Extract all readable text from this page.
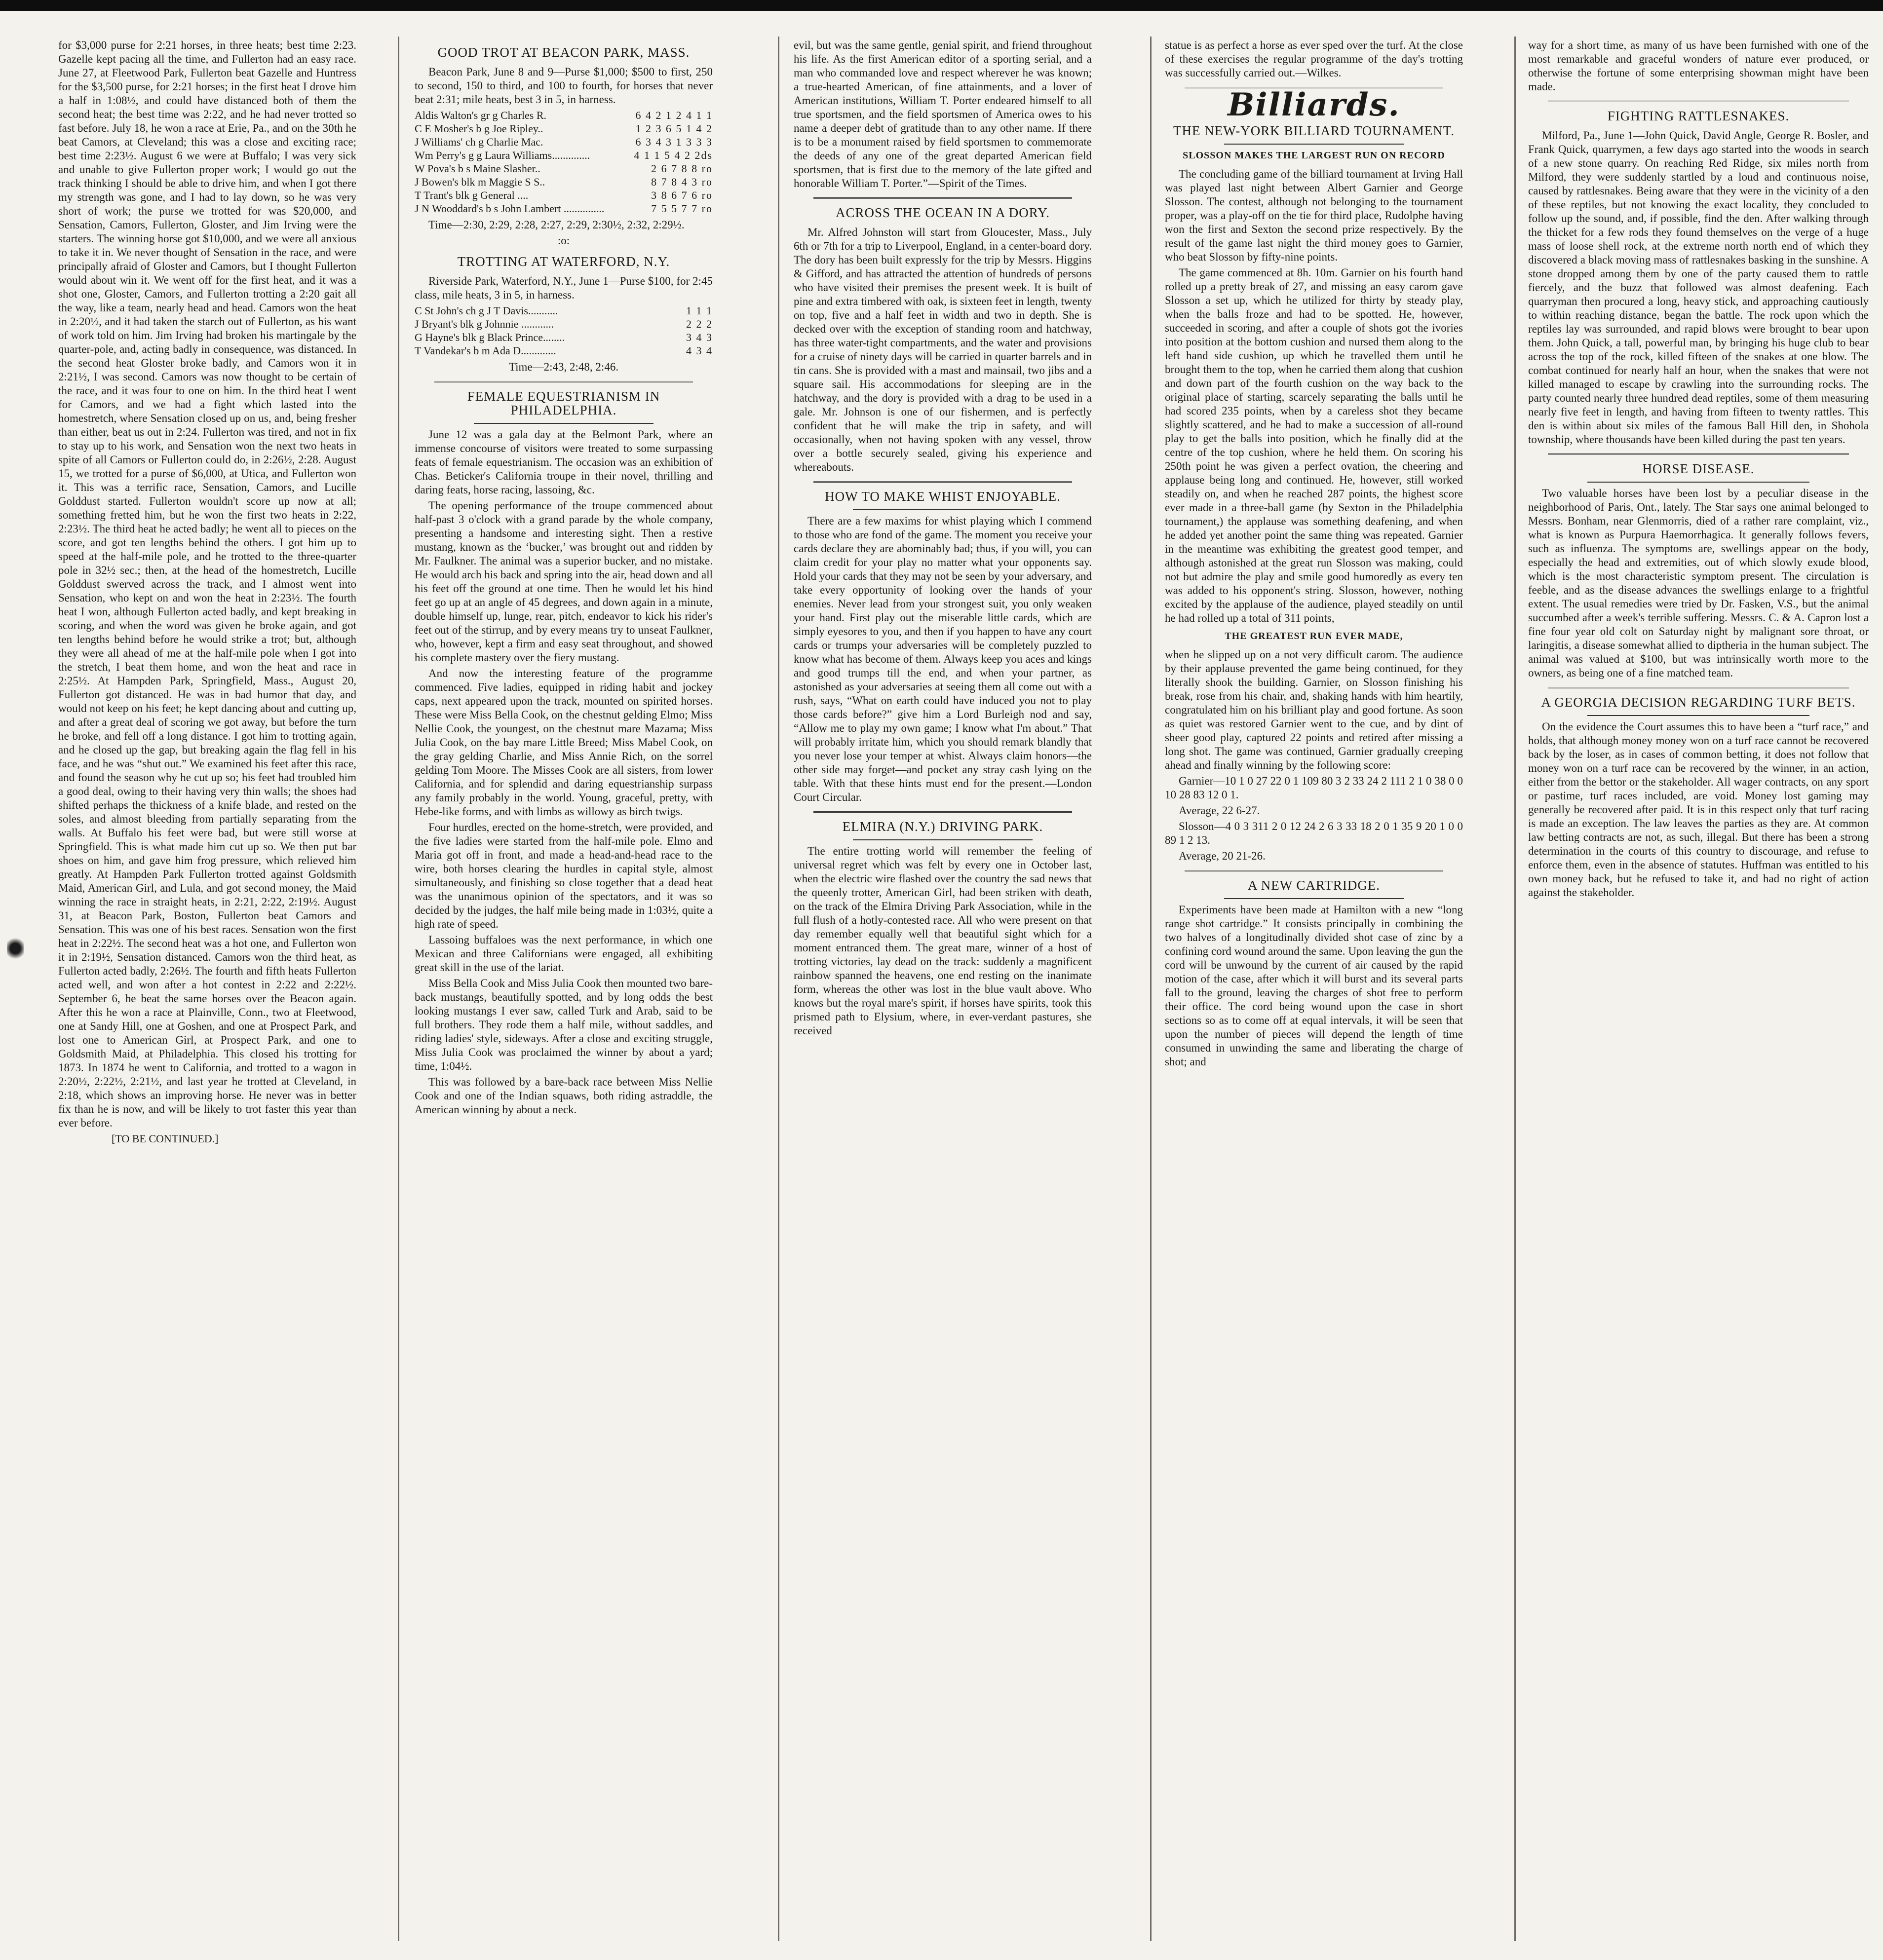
for $3,000 purse for 2:21 horses, in three heats; best time 2:23. Gazelle kept pacing all the time, and Fullerton had an easy race. June 27, at Fleetwood Park, Fullerton beat Gazelle and Huntress for the $3,500 purse, for 2:21 horses; in the first heat I drove him a half in 1:08½, and could have distanced both of them the second heat; the best time was 2:22, and he had never trotted so fast before. July 18, he won a race at Erie, Pa., and on the 30th he beat Camors, at Cleveland; this was a close and exciting race; best time 2:23½. August 6 we were at Buffalo; I was very sick and unable to give Fullerton proper work; I would go out the track thinking I should be able to drive him, and when I got there my strength was gone, and I had to lay down, so he was very short of work; the purse we trotted for was $20,000, and Sensation, Camors, Fullerton, Gloster, and Jim Irving were the starters. The winning horse got $10,000, and we were all anxious to take it in. We never thought of Sensation in the race, and were principally afraid of Gloster and Camors, but I thought Fullerton would about win it. We went off for the first heat, and it was a shot one, Gloster, Camors, and Fullerton trotting a 2:20 gait all the way, like a team, nearly head and head. Camors won the heat in 2:20½, and it had taken the starch out of Fullerton, as his want of work told on him. Jim Irving had broken his martingale by the quarter-pole, and, acting badly in consequence, was distanced. In the second heat Gloster broke badly, and Camors won it in 2:21½, I was second. Camors was now thought to be certain of the race, and it was four to one on him. In the third heat I went for Camors, and we had a fight which lasted into the homestretch, where Sensation closed up on us, and, being fresher than either, beat us out in 2:24. Fullerton was tired, and not in fix to stay up to his work, and Sensation won the next two heats in spite of all Camors or Fullerton could do, in 2:26½, 2:28. August 15, we trotted for a purse of $6,000, at Utica, and Fullerton won it. This was a terrific race, Sensation, Camors, and Lucille Golddust started. Fullerton wouldn't score up now at all; something fretted him, but he won the first two heats in 2:22, 2:23½. The third heat he acted badly; he went all to pieces on the score, and got ten lengths behind the others. I got him up to speed at the half-mile pole, and he trotted to the three-quarter pole in 32½ sec.; then, at the head of the homestretch, Lucille Golddust swerved across the track, and I almost went into Sensation, who kept on and won the heat in 2:23½. The fourth heat I won, although Fullerton acted badly, and kept breaking in scoring, and when the word was given he broke again, and got ten lengths behind before he would strike a trot; but, although they were all ahead of me at the half-mile pole when I got into the stretch, I beat them home, and won the heat and race in 2:25½. At Hampden Park, Springfield, Mass., August 20, Fullerton got distanced. He was in bad humor that day, and would not keep on his feet; he kept dancing about and cutting up, and after a great deal of scoring we got away, but before the turn he broke, and fell off a long distance. I got him to trotting again, and he closed up the gap, but breaking again the flag fell in his face, and he was “shut out.” We examined his feet after this race, and found the season why he cut up so; his feet had troubled him a good deal, owing to their having very thin walls; the shoes had shifted perhaps the thickness of a knife blade, and rested on the soles, and almost bleeding from partially separating from the walls. At Buffalo his feet were bad, but were still worse at Springfield. This is what made him cut up so. We then put bar shoes on him, and gave him frog pressure, which relieved him greatly. At Hampden Park Fullerton trotted against Goldsmith Maid, American Girl, and Lula, and got second money, the Maid winning the race in straight heats, in 2:21, 2:22, 2:19½. August 31, at Beacon Park, Boston, Fullerton beat Camors and Sensation. This was one of his best races. Sensation won the first heat in 2:22½. The second heat was a hot one, and Fullerton won it in 2:19½, Sensation distanced. Camors won the third heat, as Fullerton acted badly, 2:26½. The fourth and fifth heats Fullerton acted well, and won after a hot contest in 2:22 and 2:22½. September 6, he beat the same horses over the Beacon again. After this he won a race at Plainville, Conn., two at Fleetwood, one at Sandy Hill, one at Goshen, and one at Prospect Park, and lost one to American Girl, at Prospect Park, and one to Goldsmith Maid, at Philadelphia. This closed his trotting for 1873. In 1874 he went to California, and trotted to a wagon in 2:20½, 2:22½, 2:21½, and last year he trotted at Cleveland, in 2:18, which shows an improving horse. He never was in better fix than he is now, and will be likely to trot faster this year than ever before.

[TO BE CONTINUED.]

GOOD TROT AT BEACON PARK, MASS.

Beacon Park, June 8 and 9—Purse $1,000; $500 to first, 250 to second, 150 to third, and 100 to fourth, for horses that never beat 2:31; mile heats, best 3 in 5, in harness.

Aldis Walton's gr g Charles R.	6 4 2 1 2 4 1 1
C E Mosher's b g Joe Ripley..	1 2 3 6 5 1 4 2
J Williams' ch g Charlie Mac.	6 3 4 3 1 3 3 3
Wm Perry's g g Laura Williams..............	4 1 1 5 4 2 2ds
W Pova's b s Maine Slasher..	2 6 7 8 8 ro
J Bowen's blk m Maggie S S..	8 7 8 4 3 ro
T Trant's blk g General ....	3 8 6 7 6 ro
J N Wooddard's b s John Lambert ...............	7 5 5 7 7 ro

Time—2:30, 2:29, 2:28, 2:27, 2:29, 2:30½, 2:32, 2:29½.

:o:

TROTTING AT WATERFORD, N.Y.

Riverside Park, Waterford, N.Y., June 1—Purse $100, for 2:45 class, mile heats, 3 in 5, in harness.

C St John's ch g J T Davis...........	1 1 1
J Bryant's blk g Johnnie ............	2 2 2
G Hayne's blk g Black Prince........	3 4 3
T Vandekar's b m Ada D.............	4 3 4

Time—2:43, 2:48, 2:46.

FEMALE EQUESTRIANISM IN PHILADELPHIA.

June 12 was a gala day at the Belmont Park, where an immense concourse of visitors were treated to some surpassing feats of female equestrianism. The occasion was an exhibition of Chas. Beticker's California troupe in their novel, thrilling and daring feats, horse racing, lassoing, &c.

The opening performance of the troupe commenced about half-past 3 o'clock with a grand parade by the whole company, presenting a handsome and interesting sight. Then a restive mustang, known as the ‘bucker,’ was brought out and ridden by Mr. Faulkner. The animal was a superior bucker, and no mistake. He would arch his back and spring into the air, head down and all his feet off the ground at one time. Then he would let his hind feet go up at an angle of 45 degrees, and down again in a minute, double himself up, lunge, rear, pitch, endeavor to kick his rider's feet out of the stirrup, and by every means try to unseat Faulkner, who, however, kept a firm and easy seat throughout, and showed his complete mastery over the fiery mustang.

And now the interesting feature of the programme commenced. Five ladies, equipped in riding habit and jockey caps, next appeared upon the track, mounted on spirited horses. These were Miss Bella Cook, on the chestnut gelding Elmo; Miss Nellie Cook, the youngest, on the chestnut mare Mazama; Miss Julia Cook, on the bay mare Little Breed; Miss Mabel Cook, on the gray gelding Charlie, and Miss Annie Rich, on the sorrel gelding Tom Moore. The Misses Cook are all sisters, from lower California, and for splendid and daring equestrianship surpass any family probably in the world. Young, graceful, pretty, with Hebe-like forms, and with limbs as willowy as birch twigs.

Four hurdles, erected on the home-stretch, were provided, and the five ladies were started from the half-mile pole. Elmo and Maria got off in front, and made a head-and-head race to the wire, both horses clearing the hurdles in capital style, almost simultaneously, and finishing so close together that a dead heat was the unanimous opinion of the spectators, and it was so decided by the judges, the half mile being made in 1:03½, quite a high rate of speed.

Lassoing buffaloes was the next performance, in which one Mexican and three Californians were engaged, all exhibiting great skill in the use of the lariat.

Miss Bella Cook and Miss Julia Cook then mounted two bare-back mustangs, beautifully spotted, and by long odds the best looking mustangs I ever saw, called Turk and Arab, said to be full brothers. They rode them a half mile, without saddles, and riding ladies' style, sideways. After a close and exciting struggle, Miss Julia Cook was proclaimed the winner by about a yard; time, 1:04½.

This was followed by a bare-back race between Miss Nellie Cook and one of the Indian squaws, both riding astraddle, the American winning by about a neck.

evil, but was the same gentle, genial spirit, and friend throughout his life. As the first American editor of a sporting serial, and a man who commanded love and respect wherever he was known; a true-hearted American, of fine attainments, and a lover of American institutions, William T. Porter endeared himself to all true sportsmen, and the field sportsmen of America owes to his name a deeper debt of gratitude than to any other name. If there is to be a monument raised by field sportsmen to commemorate the deeds of any one of the great departed American field sportsmen, that is first due to the memory of the late gifted and honorable William T. Porter.”—Spirit of the Times.

ACROSS THE OCEAN IN A DORY.

Mr. Alfred Johnston will start from Gloucester, Mass., July 6th or 7th for a trip to Liverpool, England, in a center-board dory. The dory has been built expressly for the trip by Messrs. Higgins & Gifford, and has attracted the attention of hundreds of persons who have visited their premises the present week. It is built of pine and extra timbered with oak, is sixteen feet in length, twenty on top, five and a half feet in width and two in depth. She is decked over with the exception of standing room and hatchway, has three water-tight compartments, and the water and provisions for a cruise of ninety days will be carried in quarter barrels and in tin cans. She is provided with a mast and mainsail, two jibs and a square sail. His accommodations for sleeping are in the hatchway, and the dory is provided with a drag to be used in a gale. Mr. Johnson is one of our fishermen, and is perfectly confident that he will make the trip in safety, and will occasionally, when not having spoken with any vessel, throw over a bottle securely sealed, giving his experience and whereabouts.

HOW TO MAKE WHIST ENJOYABLE.

There are a few maxims for whist playing which I commend to those who are fond of the game. The moment you receive your cards declare they are abominably bad; thus, if you will, you can claim credit for your play no matter what your opponents say. Hold your cards that they may not be seen by your adversary, and take every opportunity of looking over the hands of your enemies. Never lead from your strongest suit, you only weaken your hand. First play out the miserable little cards, which are simply eyesores to you, and then if you happen to have any court cards or trumps your adversaries will be completely puzzled to know what has become of them. Always keep you aces and kings and good trumps till the end, and when your partner, as astonished as your adversaries at seeing them all come out with a rush, says, “What on earth could have induced you not to play those cards before?” give him a Lord Burleigh nod and say, “Allow me to play my own game; I know what I'm about.” That will probably irritate him, which you should remark blandly that you never lose your temper at whist. Always claim honors—the other side may forget—and pocket any stray cash lying on the table. With that these hints must end for the present.—London Court Circular.

ELMIRA (N.Y.) DRIVING PARK.

The entire trotting world will remember the feeling of universal regret which was felt by every one in October last, when the electric wire flashed over the country the sad news that the queenly trotter, American Girl, had been striken with death, on the track of the Elmira Driving Park Association, while in the full flush of a hotly-contested race. All who were present on that day remember equally well that beautiful sight which for a moment entranced them. The great mare, winner of a host of trotting victories, lay dead on the track: suddenly a magnificent rainbow spanned the heavens, one end resting on the inanimate form, whereas the other was lost in the blue vault above. Who knows but the royal mare's spirit, if horses have spirits, took this prismed path to Elysium, where, in ever-verdant pastures, she received

statue is as perfect a horse as ever sped over the turf. At the close of these exercises the regular programme of the day's trotting was successfully carried out.—Wilkes.

Billiards.
THE NEW-YORK BILLIARD TOURNAMENT.
SLOSSON MAKES THE LARGEST RUN ON RECORD

The concluding game of the billiard tournament at Irving Hall was played last night between Albert Garnier and George Slosson. The contest, although not belonging to the tournament proper, was a play-off on the tie for third place, Rudolphe having won the first and Sexton the second prize respectively. By the result of the game last night the third money goes to Garnier, who beat Slosson by fifty-nine points.

The game commenced at 8h. 10m. Garnier on his fourth hand rolled up a pretty break of 27, and missing an easy carom gave Slosson a set up, which he utilized for thirty by steady play, when the balls froze and had to be spotted. He, however, succeeded in scoring, and after a couple of shots got the ivories into position at the bottom cushion and nursed them along to the left hand side cushion, up which he travelled them until he brought them to the top, when he carried them along that cushion and down part of the fourth cushion on the way back to the original place of starting, scarcely separating the balls until he had scored 235 points, when by a careless shot they became slightly scattered, and he had to make a succession of all-round play to get the balls into position, which he finally did at the centre of the top cushion, where he held them. On scoring his 250th point he was given a perfect ovation, the cheering and applause being long and continued. He, however, still worked steadily on, and when he reached 287 points, the highest score ever made in a three-ball game (by Sexton in the Philadelphia tournament,) the applause was something deafening, and when he added yet another point the same thing was repeated. Garnier in the meantime was exhibiting the greatest good temper, and although astonished at the great run Slosson was making, could not but admire the play and smile good humoredly as every ten was added to his opponent's string. Slosson, however, nothing excited by the applause of the audience, played steadily on until he had rolled up a total of 311 points,

THE GREATEST RUN EVER MADE,

when he slipped up on a not very difficult carom. The audience by their applause prevented the game being continued, for they literally shook the building. Garnier, on Slosson finishing his break, rose from his chair, and, shaking hands with him heartily, congratulated him on his brilliant play and good fortune. As soon as quiet was restored Garnier went to the cue, and by dint of sheer good play, captured 22 points and retired after missing a long shot. The game was continued, Garnier gradually creeping ahead and finally winning by the following score:

Garnier—10 1 0 27 22 0 1 109 80 3 2 33 24 2 111 2 1 0 38 0 0 10 28 83 12 0 1.

Average, 22 6-27.

Slosson—4 0 3 311 2 0 12 24 2 6 3 33 18 2 0 1 35 9 20 1 0 0 89 1 2 13.

Average, 20 21-26.

A NEW CARTRIDGE.

Experiments have been made at Hamilton with a new “long range shot cartridge.” It consists principally in combining the two halves of a longitudinally divided shot case of zinc by a confining cord wound around the same. Upon leaving the gun the cord will be unwound by the current of air caused by the rapid motion of the case, after which it will burst and its several parts fall to the ground, leaving the charges of shot free to perform their office. The cord being wound upon the case in short sections so as to come off at equal intervals, it will be seen that upon the number of pieces will depend the length of time consumed in unwinding the same and liberating the charge of shot; and

way for a short time, as many of us have been furnished with one of the most remarkable and graceful wonders of nature ever produced, or otherwise the fortune of some enterprising showman might have been made.

FIGHTING RATTLESNAKES.

Milford, Pa., June 1—John Quick, David Angle, George R. Bosler, and Frank Quick, quarrymen, a few days ago started into the woods in search of a new stone quarry. On reaching Red Ridge, six miles north from Milford, they were suddenly startled by a loud and continuous noise, caused by rattlesnakes. Being aware that they were in the vicinity of a den of these reptiles, but not knowing the exact locality, they concluded to follow up the sound, and, if possible, find the den. After walking through the thicket for a few rods they found themselves on the verge of a huge mass of loose shell rock, at the extreme north north end of which they discovered a black moving mass of rattlesnakes basking in the sunshine. A stone dropped among them by one of the party caused them to rattle fiercely, and the buzz that followed was almost deafening. Each quarryman then procured a long, heavy stick, and approaching cautiously to within reaching distance, began the battle. The rock upon which the reptiles lay was surrounded, and rapid blows were brought to bear upon them. John Quick, a tall, powerful man, by bringing his huge club to bear across the top of the rock, killed fifteen of the snakes at one blow. The combat continued for nearly half an hour, when the snakes that were not killed managed to escape by crawling into the surrounding rocks. The party counted nearly three hundred dead reptiles, some of them measuring nearly five feet in length, and having from fifteen to twenty rattles. This den is within about six miles of the famous Ball Hill den, in Shohola township, where thousands have been killed during the past ten years.

HORSE DISEASE.

Two valuable horses have been lost by a peculiar disease in the neighborhood of Paris, Ont., lately. The Star says one animal belonged to Messrs. Bonham, near Glenmorris, died of a rather rare complaint, viz., what is known as Purpura Haemorrhagica. It generally follows fevers, such as influenza. The symptoms are, swellings appear on the body, especially the head and extremities, out of which slowly exude blood, which is the most characteristic symptom present. The circulation is feeble, and as the disease advances the swellings enlarge to a frightful extent. The usual remedies were tried by Dr. Fasken, V.S., but the animal succumbed after a week's terrible suffering. Messrs. C. & A. Capron lost a fine four year old colt on Saturday night by malignant sore throat, or laringitis, a disease somewhat allied to diptheria in the human subject. The animal was valued at $100, but was intrinsically worth more to the owners, as being one of a fine matched team.

A GEORGIA DECISION REGARDING TURF BETS.

On the evidence the Court assumes this to have been a “turf race,” and holds, that although money money won on a turf race cannot be recovered back by the loser, as in cases of common betting, it does not follow that money won on a turf race can be recovered by the winner, in an action, either from the bettor or the stakeholder. All wager contracts, on any sport or pastime, turf races included, are void. Money lost gaming may generally be recovered after paid. It is in this respect only that turf racing is made an exception. The law leaves the parties as they are. At common law betting contracts are not, as such, illegal. But there has been a strong determination in the courts of this country to discourage, and refuse to enforce them, even in the absence of statutes. Huffman was entitled to his own money back, but he refused to take it, and had no right of action against the stakeholder.
